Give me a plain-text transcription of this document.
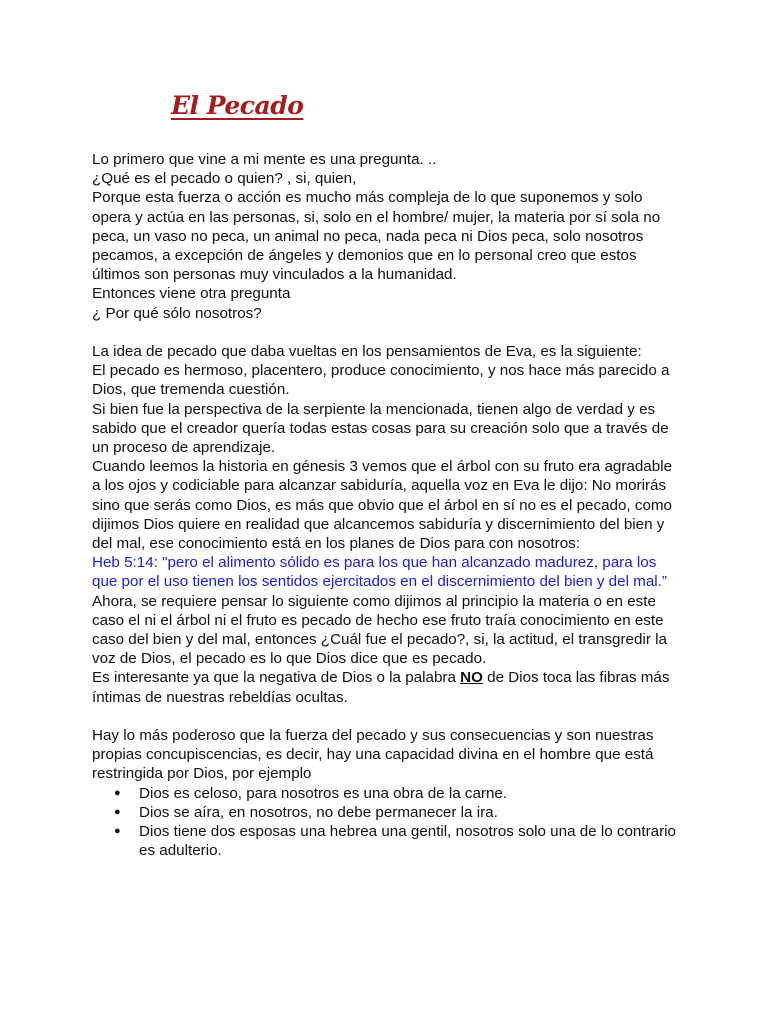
El Pecado

Lo primero que vine a mi mente es una pregunta. ..

¿Qué es el pecado o quien? , si, quien,

Porque esta fuerza o acción es mucho más compleja de lo que suponemos y solo opera y actúa en las personas, si, solo en el hombre/ mujer, la materia por sí sola no peca, un vaso no peca, un animal no peca, nada peca ni Dios peca, solo nosotros pecamos, a excepción de ángeles y demonios que en lo personal creo que estos últimos son personas muy vinculados a la humanidad.

Entonces viene otra pregunta

¿ Por qué sólo nosotros?

La idea de pecado que daba vueltas en los pensamientos de Eva, es la siguiente:

El pecado es hermoso, placentero, produce conocimiento, y nos hace más parecido a Dios, que tremenda cuestión.

Si bien fue la perspectiva de la serpiente la mencionada, tienen algo de verdad y es sabido que el creador quería todas estas cosas para su creación solo que a través de un proceso de aprendizaje.

Cuando leemos la historia en génesis 3 vemos que el árbol con su fruto era agradable a los ojos y codiciable para alcanzar sabiduría, aquella voz en Eva le dijo: No morirás sino que serás como Dios, es más que obvio que el árbol en sí no es el pecado, como dijimos Dios quiere en realidad que alcancemos sabiduría y discernimiento del bien y del mal, ese conocimiento está en los planes de Dios para con nosotros:

Heb 5:14: "pero el alimento sólido es para los que han alcanzado madurez, para los que por el uso tienen los sentidos ejercitados en el discernimiento del bien y del mal.”

Ahora, se requiere pensar lo siguiente como dijimos al principio la materia o en este caso el ni el árbol ni el fruto es pecado de hecho ese fruto traía conocimiento en este caso del bien y del mal, entonces ¿Cuál fue el pecado?, si, la actitud, el transgredir la voz de Dios, el pecado es lo que Dios dice que es pecado.

Es interesante ya que la negativa de Dios o la palabra NO de Dios toca las fibras más íntimas de nuestras rebeldías ocultas.

Hay lo más poderoso que la fuerza del pecado y sus consecuencias y son nuestras propias concupiscencias, es decir, hay una capacidad divina en el hombre que está restringida por Dios, por ejemplo

● Dios es celoso, para nosotros es una obra de la carne.
● Dios se aíra, en nosotros, no debe permanecer la ira.
● Dios tiene dos esposas una hebrea una gentil, nosotros solo una de lo contrario es adulterio.
